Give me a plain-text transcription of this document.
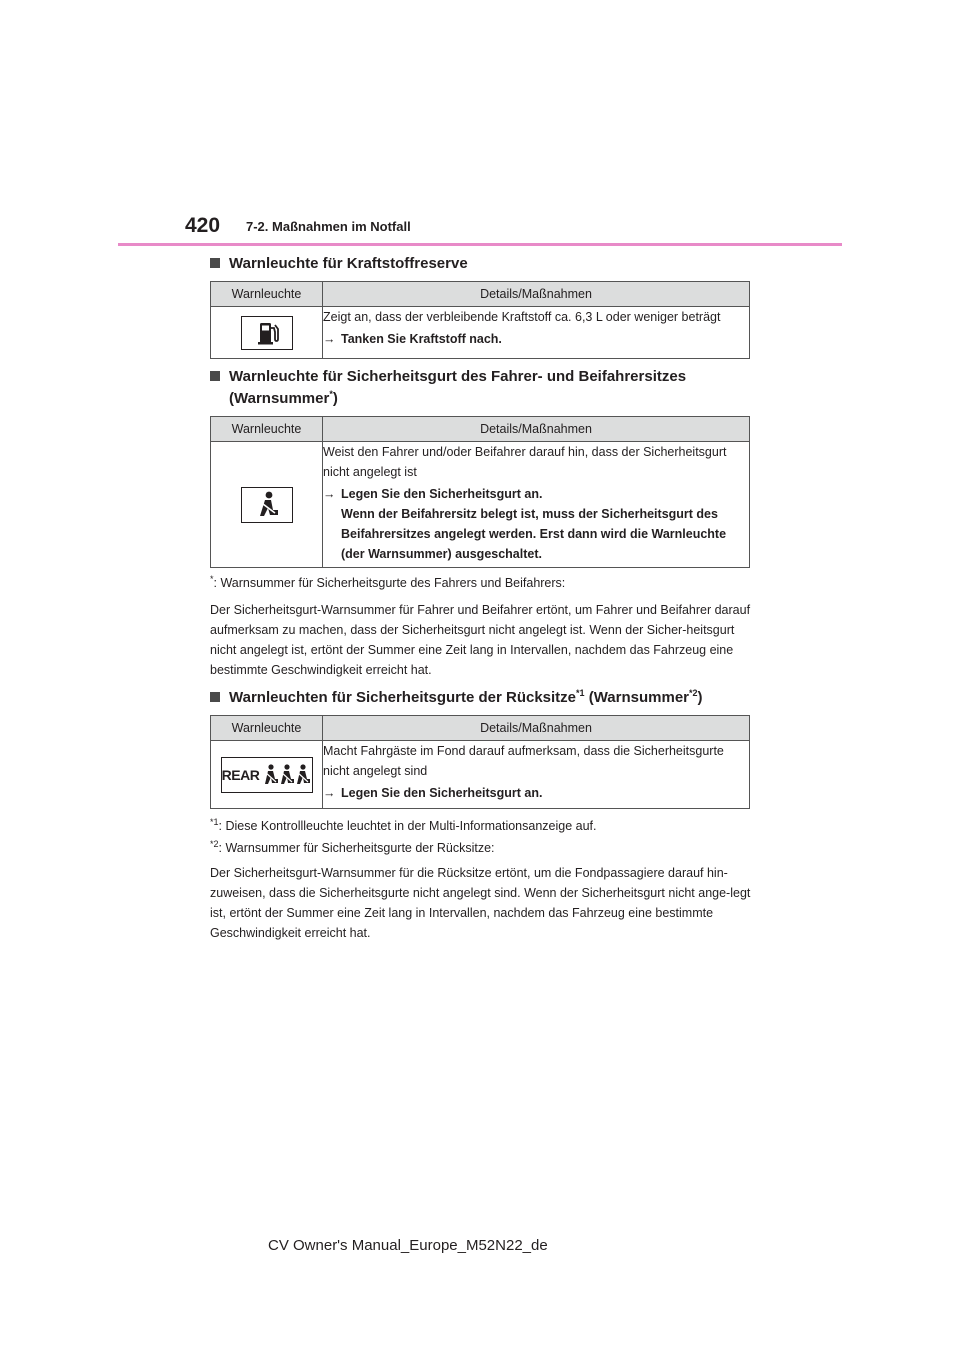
420 7-2. Maßnahmen im Notfall
Warnleuchte für Kraftstoffreserve
Warnleuchte	Details/Maßnahmen

Zeigt an, dass der verbleibende Kraftstoff ca. 6,3 L oder weniger beträgt
→ Tanken Sie Kraftstoff nach.
Warnleuchte für Sicherheitsgurt des Fahrer- und Beifahrersitzes
(Warnsummer*)
Warnleuchte	Details/Maßnahmen

Weist den Fahrer und/oder Beifahrer darauf hin, dass der Sicherheitsgurt nicht angelegt ist
→ Legen Sie den Sicherheitsgurt an.
Wenn der Beifahrersitz belegt ist, muss der Sicherheitsgurt des Beifahrersitzes angelegt werden. Erst dann wird die Warnleuchte (der Warnsummer) ausgeschaltet.
*: Warnsummer für Sicherheitsgurte des Fahrers und Beifahrers:
Der Sicherheitsgurt-Warnsummer für Fahrer und Beifahrer ertönt, um Fahrer und Beifahrer darauf aufmerksam zu machen, dass der Sicherheitsgurt nicht angelegt ist. Wenn der Sicher-heitsgurt nicht angelegt ist, ertönt der Summer eine Zeit lang in Intervallen, nachdem das Fahrzeug eine bestimmte Geschwindigkeit erreicht hat.
Warnleuchten für Sicherheitsgurte der Rücksitze$^{*1}$ (Warnsummer$^{*2}$)
Warnleuchte	Details/Maßnahmen

REAR	Macht Fahrgäste im Fond darauf aufmerksam, dass die Sicherheitsgurte nicht angelegt sind
→ Legen Sie den Sicherheitsgurt an.
$^{*1}$: Diese Kontrollleuchte leuchtet in der Multi-Informationsanzeige auf.
$^{*2}$: Warnsummer für Sicherheitsgurte der Rücksitze:
Der Sicherheitsgurt-Warnsummer für die Rücksitze ertönt, um die Fondpassagiere darauf hin-zuweisen, dass die Sicherheitsgurte nicht angelegt sind. Wenn der Sicherheitsgurt nicht ange-legt ist, ertönt der Summer eine Zeit lang in Intervallen, nachdem das Fahrzeug eine bestimmte Geschwindigkeit erreicht hat.
CV Owner's Manual_Europe_M52N22_de
